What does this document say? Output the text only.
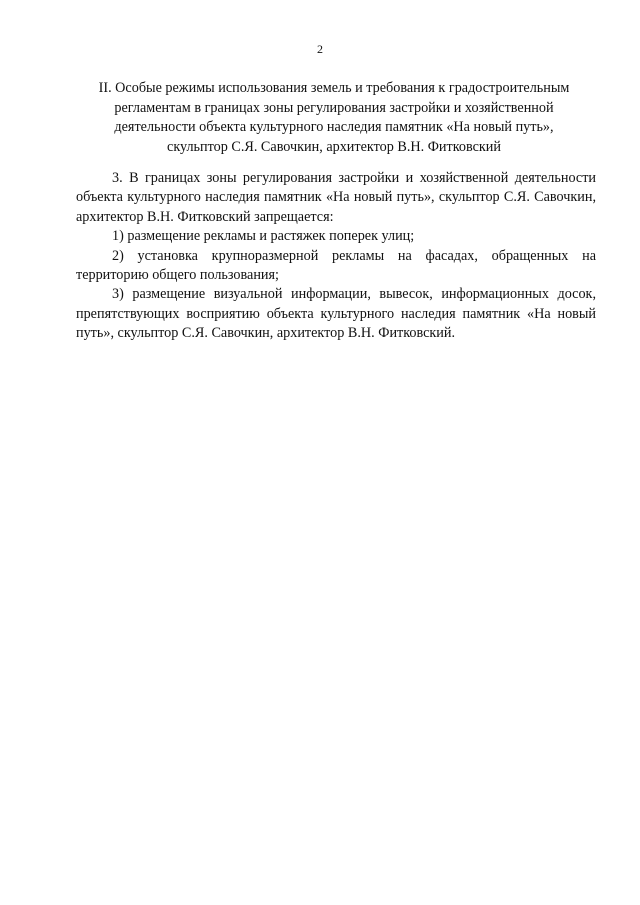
2
II. Особые режимы использования земель и требования к градостроительным
регламентам в границах зоны регулирования застройки и хозяйственной
деятельности объекта культурного наследия памятник «На новый путь»,
скульптор С.Я. Савочкин, архитектор В.Н. Фитковский

3. В границах зоны регулирования застройки и хозяйственной деятельности объекта культурного наследия памятник «На новый путь», скульптор С.Я. Савочкин, архитектор В.Н. Фитковский запрещается:

1) размещение рекламы и растяжек поперек улиц;

2) установка крупноразмерной рекламы на фасадах, обращенных на территорию общего пользования;

3) размещение визуальной информации, вывесок, информационных досок, препятствующих восприятию объекта культурного наследия памятник «На новый путь», скульптор С.Я. Савочкин, архитектор В.Н. Фитковский.
